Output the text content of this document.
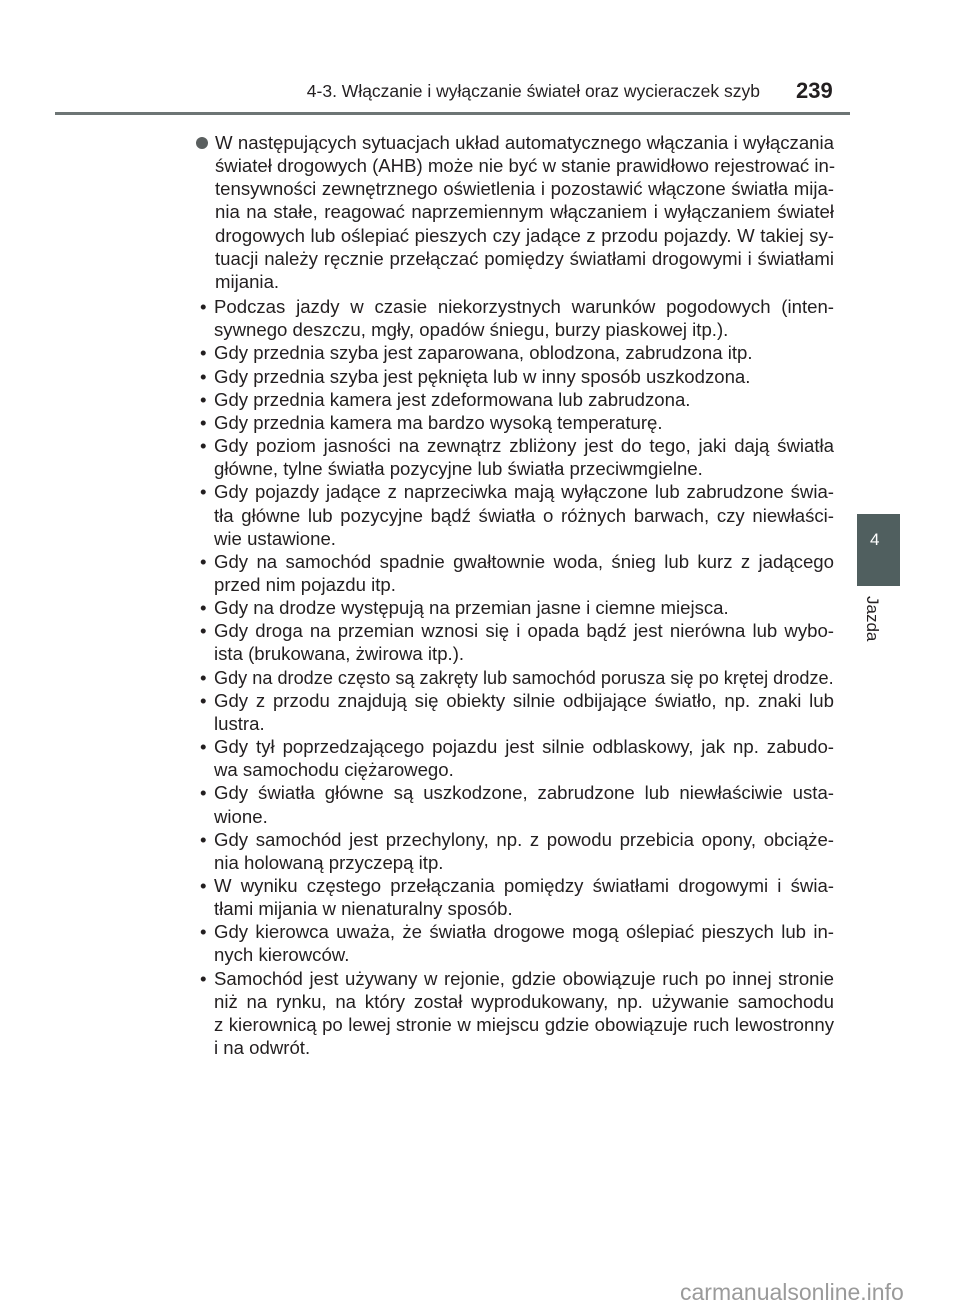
4-3. Włączanie i wyłączanie świateł oraz wycieraczek szyb 239
W następujących sytuacjach układ automatycznego włączania i wyłączania
świateł drogowych (AHB) może nie być w stanie prawidłowo rejestrować in-
tensywności zewnętrznego oświetlenia i pozostawić włączone światła mija-
nia na stałe, reagować naprzemiennym włączaniem i wyłączaniem świateł
drogowych lub oślepiać pieszych czy jadące z przodu pojazdy. W takiej sy-
tuacji należy ręcznie przełączać pomiędzy światłami drogowymi i światłami
mijania.
• Podczas jazdy w czasie niekorzystnych warunków pogodowych (inten-
sywnego deszczu, mgły, opadów śniegu, burzy piaskowej itp.).
• Gdy przednia szyba jest zaparowana, oblodzona, zabrudzona itp.
• Gdy przednia szyba jest pęknięta lub w inny sposób uszkodzona.
• Gdy przednia kamera jest zdeformowana lub zabrudzona.
• Gdy przednia kamera ma bardzo wysoką temperaturę.
• Gdy poziom jasności na zewnątrz zbliżony jest do tego, jaki dają światła
główne, tylne światła pozycyjne lub światła przeciwmgielne.
• Gdy pojazdy jadące z naprzeciwka mają wyłączone lub zabrudzone świa-
tła główne lub pozycyjne bądź światła o różnych barwach, czy niewłaści-
wie ustawione.
• Gdy na samochód spadnie gwałtownie woda, śnieg lub kurz z jadącego
przed nim pojazdu itp.
• Gdy na drodze występują na przemian jasne i ciemne miejsca.
• Gdy droga na przemian wznosi się i opada bądź jest nierówna lub wybo-
ista (brukowana, żwirowa itp.).
• Gdy na drodze często są zakręty lub samochód porusza się po krętej drodze.
• Gdy z przodu znajdują się obiekty silnie odbijające światło, np. znaki lub
lustra.
• Gdy tył poprzedzającego pojazdu jest silnie odblaskowy, jak np. zabudo-
wa samochodu ciężarowego.
• Gdy światła główne są uszkodzone, zabrudzone lub niewłaściwie usta-
wione.
• Gdy samochód jest przechylony, np. z powodu przebicia opony, obciąże-
nia holowaną przyczepą itp.
• W wyniku częstego przełączania pomiędzy światłami drogowymi i świa-
tłami mijania w nienaturalny sposób.
• Gdy kierowca uważa, że światła drogowe mogą oślepiać pieszych lub in-
nych kierowców.
• Samochód jest używany w rejonie, gdzie obowiązuje ruch po innej stronie
niż na rynku, na który został wyprodukowany, np. używanie samochodu
z kierownicą po lewej stronie w miejscu gdzie obowiązuje ruch lewostronny
i na odwrót.
4
Jazda
carmanualsonline.info
